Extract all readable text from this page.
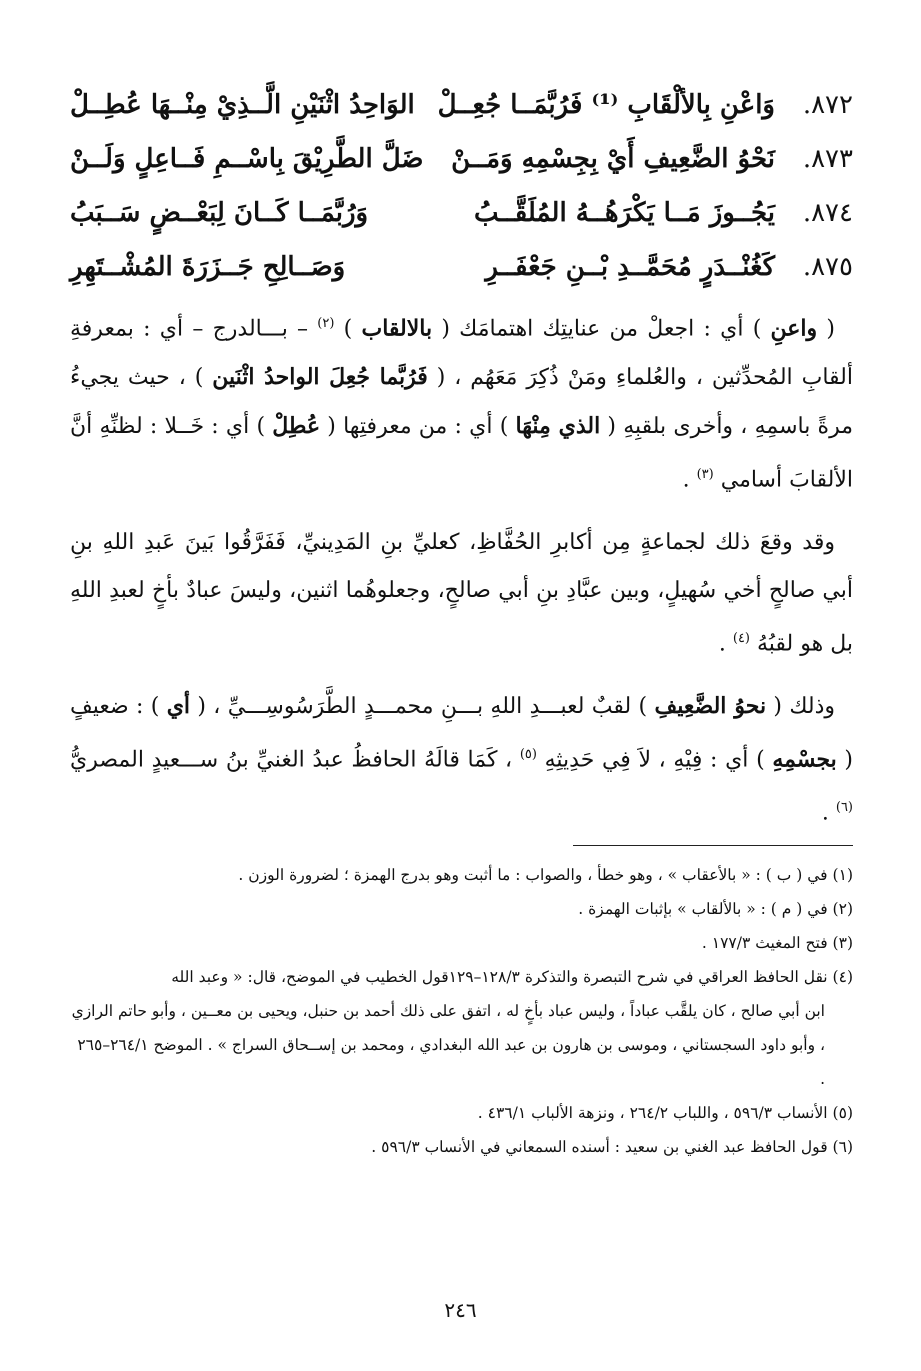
٨٧٢.
وَاعْنِ بِالألْقَابِ ⁽¹⁾ فَرُبَّمَــا جُعِــلْ
الوَاحِدُ اثْنَيْنِ الَّــذِيْ مِنْــهَا عُطِــلْ
٨٧٣.
نَحْوُ الضَّعِيفِ أَيْ بِجِسْمِهِ وَمَــنْ
ضَلَّ الطَّرِيْقَ بِاسْــمِ فَــاعِلٍ وَلَــنْ
٨٧٤.
يَجُــوزَ مَــا يَكْرَهُــهُ المُلَقَّــبُ
وَرُبَّمَــا كَــانَ لِبَعْــضٍ سَــبَبُ
٨٧٥.
كَغُنْــدَرٍ مُحَمَّــدِ بْــنِ جَعْفَــرِ
وَصَــالِحِ جَــزَرَةَ المُشْــتَهِرِ

( واعنِ ) أي : اجعلْ من عنايتِك اهتمامَك ( بالالقاب ) $^{(٢)}$ – بـــالدرج – أي : بمعرفةِ ألقابِ المُحدِّثين ، والعُلماءِ ومَنْ ذُكِرَ مَعَهُم ، ( فَرُبَّما جُعِلَ الواحدُ اثْنَين ) ، حيث يجيءُ مرةً باسمِهِ ، وأخرى بلقبِهِ ( الذي مِنْهَا ) أي : من معرفتِها ( عُطِلْ ) أي : خَــلا : لظنِّهِ أنَّ الألقابَ أسامي $^{(٣)}$ .

وقد وقعَ ذلك لجماعةٍ مِن أكابرِ الحُفَّاظِ، كعليِّ بنِ المَدِينيِّ، فَفَرَّقُوا بَينَ عَبدِ اللهِ بنِ أبي صالحٍ أخي سُهيلٍ، وبين عبَّادِ بنِ أبي صالحٍ، وجعلوهُما اثنين، وليسَ عبادٌ بأخٍ لعبدِ اللهِ بل هو لقبُهُ $^{(٤)}$ .

وذلك ( نحوُ الضَّعِيفِ ) لقبٌ لعبـــدِ اللهِ بـــنِ محمـــدٍ الطَّرَسُوسِـــيِّ ، ( أي ) : ضعيفٍ ( بجسْمِهِ ) أي : فِيْهِ ، لاَ فِي حَدِيثِهِ $^{(٥)}$ ، كَمَا قالَهُ الحافظُ عبدُ الغنيِّ بنُ ســـعيدٍ المصريُّ $^{(٦)}$ .

(١) في ( ب ) : « بالأعقاب » ، وهو خطأ ، والصواب : ما أثبت وهو بدرج الهمزة ؛ لضرورة الوزن .

(٢) في ( م ) : « بالألقاب » بإثبات الهمزة .

(٣) فتح المغيث ١٧٧/٣ .

(٤) نقل الحافظ العراقي في شرح التبصرة والتذكرة ١٢٨/٣–١٢٩قول الخطيب في الموضح، قال: « وعبد الله
ابن أبي صالح ، كان يلقَّب عباداً ، وليس عباد بأخٍ له ، اتفق على ذلك أحمد بن حنبل، ويحيى بن معــين ، وأبو حاتم الرازي ، وأبو داود السجستاني ، وموسى بن هارون بن عبد الله البغدادي ، ومحمد بن إســحاق السراج » . الموضح ٢٦٤/١–٢٦٥ .

(٥) الأنساب ٥٩٦/٣ ، واللباب ٢٦٤/٢ ، ونزهة الألباب ٤٣٦/١ .

(٦) قول الحافظ عبد الغني بن سعيد : أسنده السمعاني في الأنساب ٥٩٦/٣ .

٢٤٦
